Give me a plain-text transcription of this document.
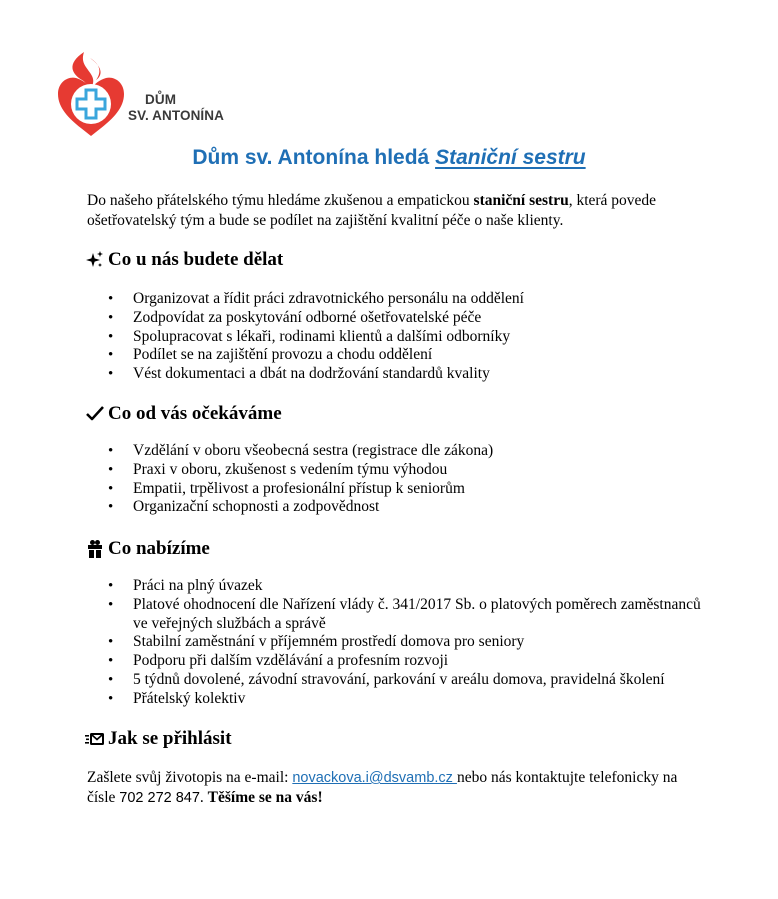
DŮM
SV. ANTONÍNA
Dům sv. Antonína hledá Staniční sestru
Do našeho přátelského týmu hledáme zkušenou a empatickou staniční sestru, která povede ošetřovatelský tým a bude se podílet na zajištění kvalitní péče o naše klienty.
Co u nás budete dělat
• Organizovat a řídit práci zdravotnického personálu na oddělení
• Zodpovídat za poskytování odborné ošetřovatelské péče
• Spolupracovat s lékaři, rodinami klientů a dalšími odborníky
• Podílet se na zajištění provozu a chodu oddělení
• Vést dokumentaci a dbát na dodržování standardů kvality
Co od vás očekáváme
• Vzdělání v oboru všeobecná sestra (registrace dle zákona)
• Praxi v oboru, zkušenost s vedením týmu výhodou
• Empatii, trpělivost a profesionální přístup k seniorům
• Organizační schopnosti a zodpovědnost
Co nabízíme
• Práci na plný úvazek
• Platové ohodnocení dle Nařízení vlády č. 341/2017 Sb. o platových poměrech zaměstnanců ve veřejných službách a správě
• Stabilní zaměstnání v příjemném prostředí domova pro seniory
• Podporu při dalším vzdělávání a profesním rozvoji
• 5 týdnů dovolené, závodní stravování, parkování v areálu domova, pravidelná školení
• Přátelský kolektiv
Jak se přihlásit
Zašlete svůj životopis na e-mail: novackova.i@dsvamb.cz nebo nás kontaktujte telefonicky na čísle 702 272 847. Těšíme se na vás!
